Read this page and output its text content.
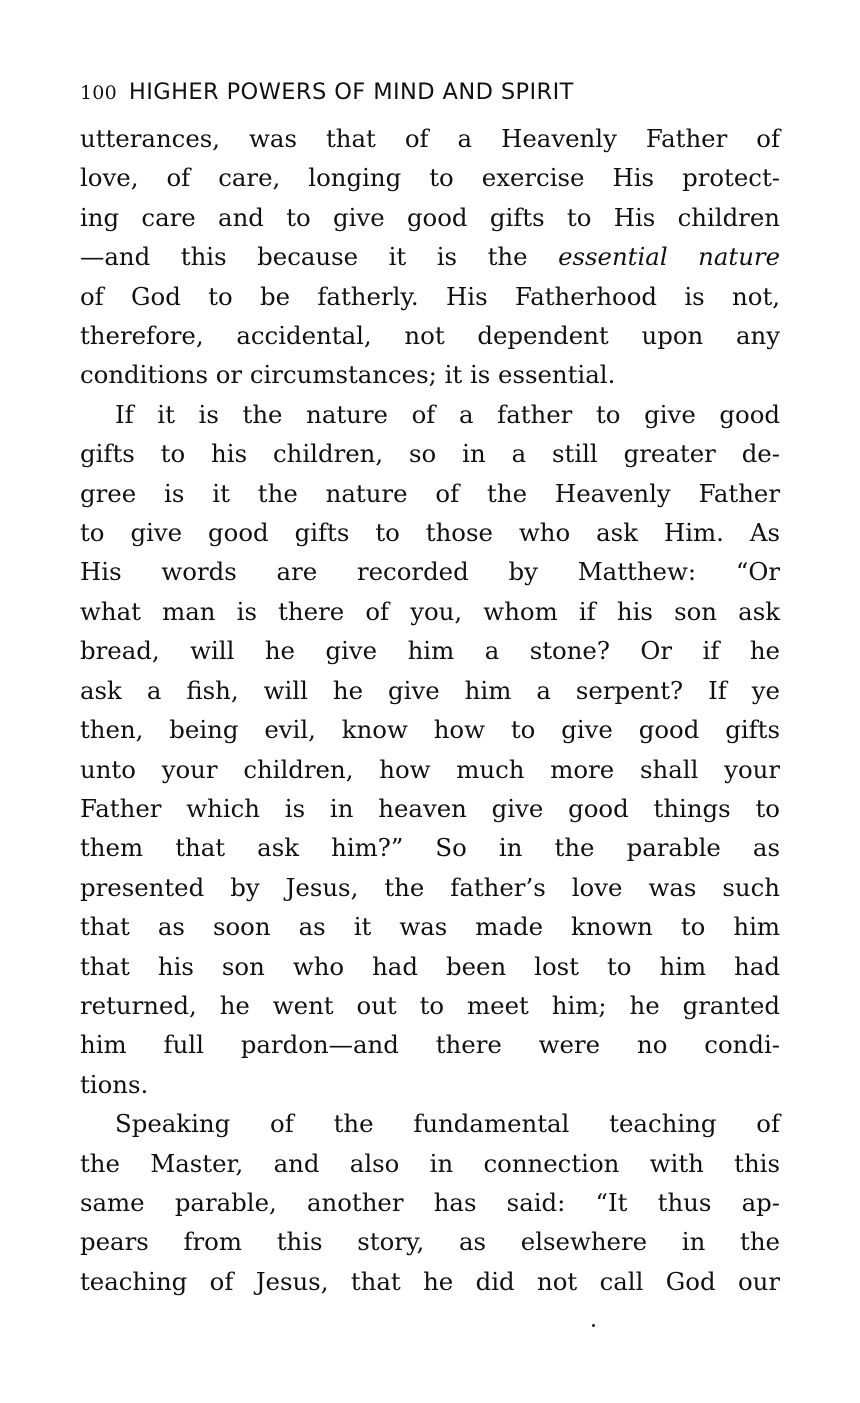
100 HIGHER POWERS OF MIND AND SPIRIT

utterances, was that of a Heavenly Father of
love, of care, longing to exercise His protect-
ing care and to give good gifts to His children
—and this because it is the essential nature
of God to be fatherly. His Fatherhood is not,
therefore, accidental, not dependent upon any
conditions or circumstances; it is essential.

If it is the nature of a father to give good
gifts to his children, so in a still greater de-
gree is it the nature of the Heavenly Father
to give good gifts to those who ask Him. As
His words are recorded by Matthew: “Or
what man is there of you, whom if his son ask
bread, will he give him a stone? Or if he
ask a fish, will he give him a serpent? If ye
then, being evil, know how to give good gifts
unto your children, how much more shall your
Father which is in heaven give good things to
them that ask him?” So in the parable as
presented by Jesus, the father’s love was such
that as soon as it was made known to him
that his son who had been lost to him had
returned, he went out to meet him; he granted
him full pardon—and there were no condi-
tions.

Speaking of the fundamental teaching of
the Master, and also in connection with this
same parable, another has said: “It thus ap-
pears from this story, as elsewhere in the
teaching of Jesus, that he did not call God our
